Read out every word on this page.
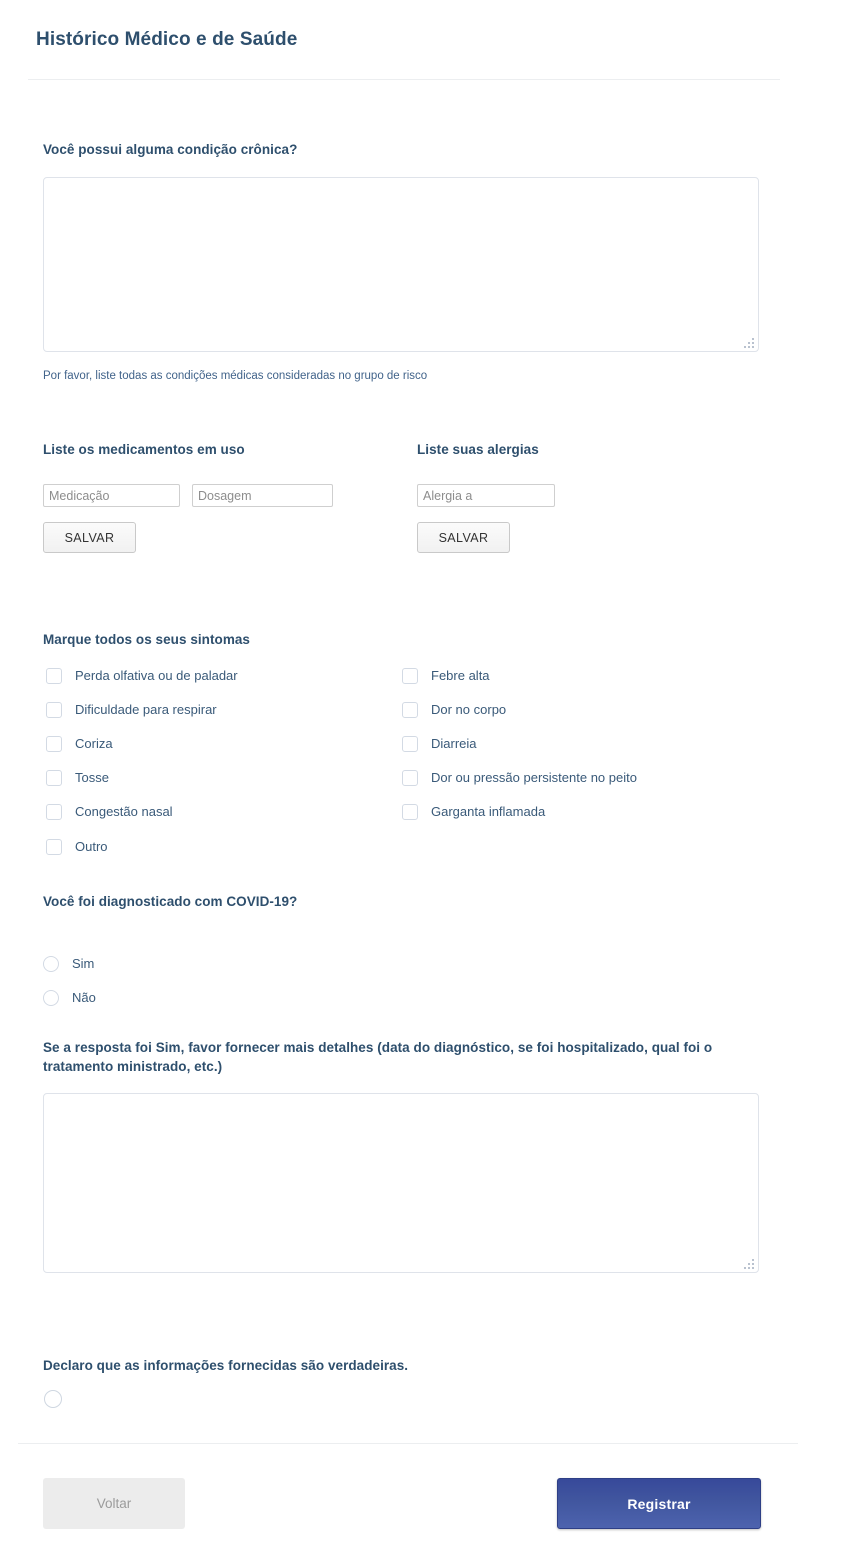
Histórico Médico e de Saúde
Você possui alguma condição crônica?
Por favor, liste todas as condições médicas consideradas no grupo de risco
Liste os medicamentos em uso
Medicação
Dosagem
SALVAR
Liste suas alergias
Alergia a
SALVAR
Marque todos os seus sintomas
Perda olfativa ou de paladar
Dificuldade para respirar
Coriza
Tosse
Congestão nasal
Outro
Febre alta
Dor no corpo
Diarreia
Dor ou pressão persistente no peito
Garganta inflamada
Você foi diagnosticado com COVID-19?
Sim
Não
Se a resposta foi Sim, favor fornecer mais detalhes (data do diagnóstico, se foi hospitalizado, qual foi o tratamento ministrado, etc.)
Declaro que as informações fornecidas são verdadeiras.
Voltar	Registrar
